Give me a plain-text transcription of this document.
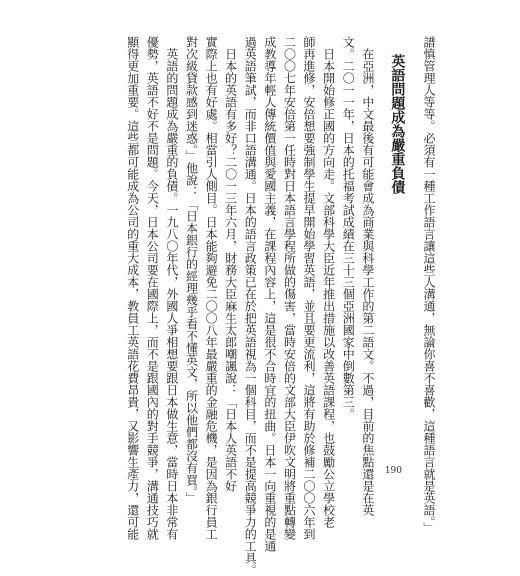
譜慎管理人等等。必須有一種工作語言讓這些人溝通，無論你喜不喜歡，這種語言就是英語。」
英語問題成為嚴重負債
在亞洲，中文最後有可能會成為商業與科學工作的第二語文。不過，目前的焦點還是在英
文。二〇一一年，日本的托福考試成績在三十三個亞洲國家中倒數第三。
日本開始修正國的方向走。文部科學大臣近年推出措施以改善英語課程，也鼓勵公立學校老
師再進修，安倍想要強制學生提早開始學習英語，並且要更流利，這將有助於修補二〇〇六年到
二〇〇七年安倍第一任時對日本語言學程所做的傷害，當時安倍的文部大臣伊吹文明將重點轉變
成教導年輕人傳統價值與愛國主義，在課程內容上，這是很不合時宜的扭曲。日本一向重視的是通
過英語筆試，而非口語溝通。日本的語言政策已在於把英語視為一個科目，而不是提高競爭力的工具。
日本的英語有多好？二〇一三年六月，財務大臣麻生太郎嘲諷說：「日本人英語不好
實際上也有好處。相當引人側目。日本能夠避免二〇〇八年最嚴重的金融危機，是因為銀行員工
對次級貸款感到迷惑。」他說：「日本銀行的經理幾乎看不懂英文，所以他們都沒有買。」
英語的問題成為嚴重的負債。一九八〇年代，外國人爭相想要跟日本做生意，當時日本非常有
優勢，英語不好不是問題。今天，日本公司要在國際上，而不是跟國內的對手競爭，溝通技巧就
顯得更加重要。這些都可能成為公司的重大成本，教員工英語花費昂貴，又影響生產力，還可能	190
